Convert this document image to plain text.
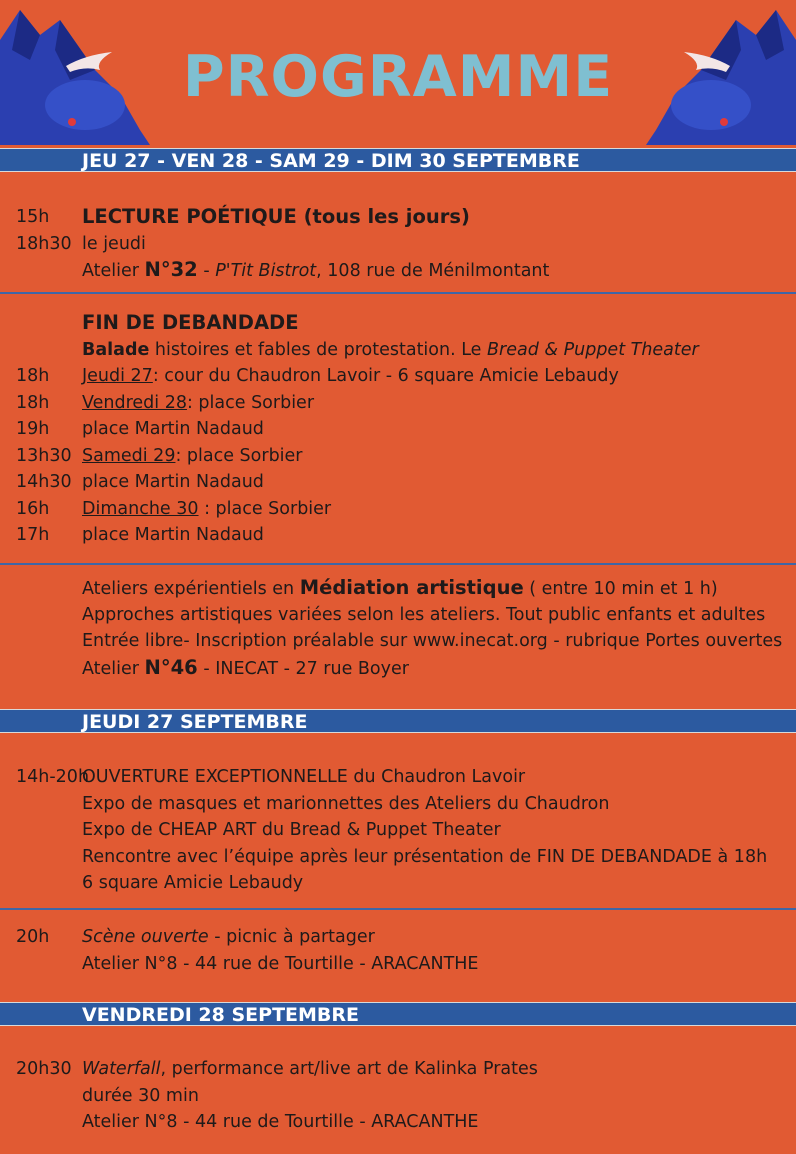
PROGRAMME
JEU 27 - VEN 28 - SAM 29 - DIM 30 SEPTEMBRE
15h LECTURE POÉTIQUE (tous les jours)
18h30 le jeudi
Atelier N°32 - P'Tit Bistrot, 108 rue de Ménilmontant
FIN DE DEBANDADE
Balade histoires et fables de protestation. Le Bread & Puppet Theater
18h Jeudi 27: cour du Chaudron Lavoir - 6 square Amicie Lebaudy
18h Vendredi 28: place Sorbier
19h place Martin Nadaud
13h30 Samedi 29: place Sorbier
14h30 place Martin Nadaud
16h Dimanche 30 : place Sorbier
17h place Martin Nadaud
Ateliers expérientiels en Médiation artistique ( entre 10 min et 1 h)
Approches artistiques variées selon les ateliers. Tout public enfants et adultes
Entrée libre- Inscription préalable sur www.inecat.org - rubrique Portes ouvertes
Atelier N°46 - INECAT - 27 rue Boyer
JEUDI 27 SEPTEMBRE
14h-20h
OUVERTURE EXCEPTIONNELLE du Chaudron Lavoir
Expo de masques et marionnettes des Ateliers du Chaudron
Expo de CHEAP ART du Bread & Puppet Theater
Rencontre avec l’équipe après leur présentation de FIN DE DEBANDADE à 18h
6 square Amicie Lebaudy
20h Scène ouverte - picnic à partager
Atelier N°8 - 44 rue de Tourtille - ARACANTHE
VENDREDI 28 SEPTEMBRE
20h30 Waterfall, performance art/live art de Kalinka Prates
durée 30 min
Atelier N°8 - 44 rue de Tourtille - ARACANTHE
